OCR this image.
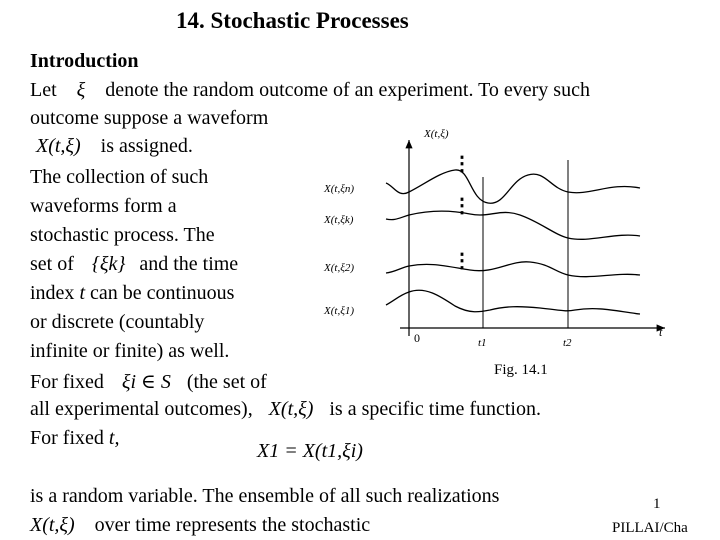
14. Stochastic Processes
Introduction
Let ξ denote the random outcome of an experiment. To every such
outcome suppose a waveform
X(t,ξ) is assigned.
The collection of such
waveforms form a
stochastic process. The
set of {ξk} and the time
index t can be continuous
or discrete (countably
infinite or finite) as well.
For fixed ξi ∈ S (the set of
all experimental outcomes), X(t,ξ) is a specific time function.
For fixed t,
X1 = X(t1,ξi)
is a random variable. The ensemble of all such realizations
X(t,ξ) over time represents the stochastic
1
PILLAI/Cha
⋮
⋮
⋮
X(t,ξ)
X(t,ξn)
X(t,ξk)
X(t,ξ2)
X(t,ξ1)
t
0	t1	t2
Fig. 14.1
